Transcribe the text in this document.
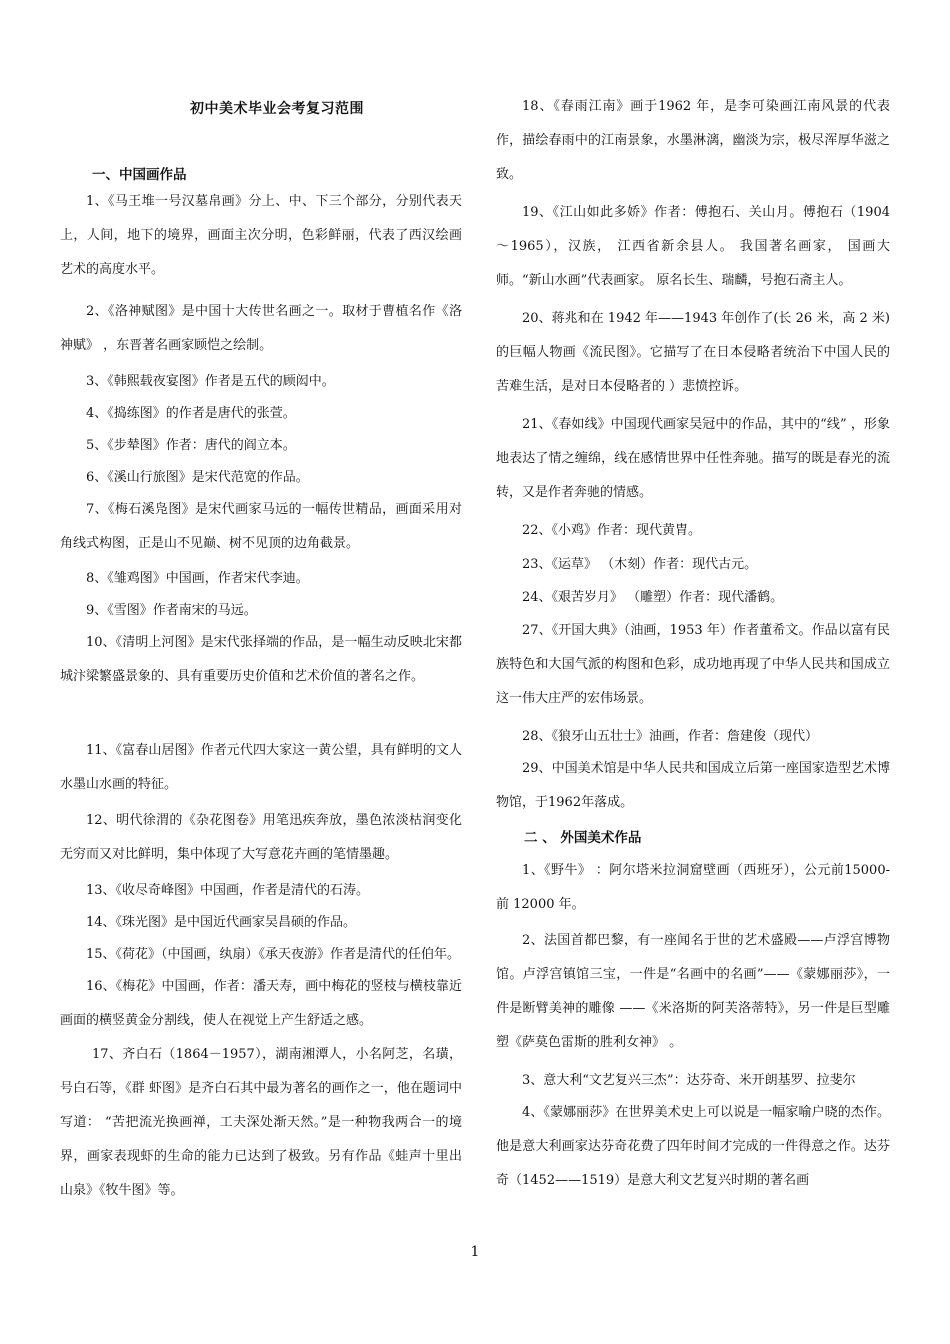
初中美术毕业会考复习范围
一、中国画作品
1、《马王堆一号汉墓帛画》分上、中、下三个部分，分别代表天上，人间，地下的境界，画面主次分明，色彩鲜丽，代表了西汉绘画艺术的高度水平。
2、《洛神赋图》是中国十大传世名画之一。取材于曹植名作《洛神赋》 ，东晋著名画家顾恺之绘制。
3、《韩熙载夜宴图》作者是五代的顾闳中。
4、《捣练图》的作者是唐代的张萱。
5、《步辇图》作者：唐代的阎立本。
6、《溪山行旅图》是宋代范宽的作品。
7、《梅石溪凫图》是宋代画家马远的一幅传世精品，画面采用对角线式构图，正是山不见巅、树不见顶的边角截景。
8、《雏鸡图》中国画，作者宋代李迪。
9、《雪图》作者南宋的马远。
10、《清明上河图》是宋代张择端的作品，是一幅生动反映北宋都城汴梁繁盛景象的、具有重要历史价值和艺术价值的著名之作。
11、《富春山居图》作者元代四大家这一黄公望，具有鲜明的文人水墨山水画的特征。
12、明代徐渭的《杂花图卷》用笔迅疾奔放，墨色浓淡枯润变化无穷而又对比鲜明，集中体现了大写意花卉画的笔情墨趣。
13、《收尽奇峰图》中国画，作者是清代的石涛。
14、《珠光图》是中国近代画家吴昌硕的作品。
15、《荷花》（中国画，纨扇）《承天夜游》作者是清代的任伯年。
16、《梅花》中国画，作者：潘天寿，画中梅花的竖枝与横枝靠近画面的横竖黄金分割线，使人在视觉上产生舒适之感。
17、齐白石（1864－1957），湖南湘潭人，小名阿芝，名璜，号白石等，《群 虾图》是齐白石其中最为著名的画作之一，他在题词中写道： “苦把流光换画禅，工夫深处渐天然。”是一种物我两合一的境界，画家表现虾的生命的能力已达到了极致。另有作品《蛙声十里出山泉》《牧牛图》等。
18、《春雨江南》画于1962 年，是李可染画江南风景的代表作，描绘春雨中的江南景象，水墨淋漓，幽淡为宗，极尽浑厚华滋之致。
19、《江山如此多娇》作者：傅抱石、关山月。傅抱石（1904～1965），汉族， 江西省新余县人。 我国著名画家， 国画大师。“新山水画”代表画家。 原名长生、瑞麟，号抱石斋主人。
20、蒋兆和在 1942 年——1943 年创作了(长 26 米，高 2 米)的巨幅人物画《流民图》。它描写了在日本侵略者统治下中国人民的苦难生活，是对日本侵略者的 ）悲愤控诉。
21、《春如线》中国现代画家吴冠中的作品，其中的“线” ，形象地表达了情之缠绵，线在感情世界中任性奔驰。描写的既是春光的流转，又是作者奔驰的情感。
22、《小鸡》作者：现代黄胄。
23、《运草》 （木刻）作者：现代古元。
24、《艰苦岁月》 （雕塑）作者：现代潘鹤。
27、《开国大典》（油画，1953 年）作者董希文。作品以富有民族特色和大国气派的构图和色彩，成功地再现了中华人民共和国成立这一伟大庄严的宏伟场景。
28、《狼牙山五壮士》油画，作者：詹建俊（现代）
29、中国美术馆是中华人民共和国成立后第一座国家造型艺术博物馆，于1962年落成。
二 、 外国美术作品
1、《野牛》 ：阿尔塔米拉洞窟壁画（西班牙），公元前15000-前 12000 年。
2、法国首都巴黎，有一座闻名于世的艺术盛殿——卢浮宫博物馆。卢浮宫镇馆三宝，一件是“名画中的名画”——《蒙娜丽莎》，一件是断臂美神的雕像 ——《米洛斯的阿芙洛蒂特》，另一件是巨型雕塑《萨莫色雷斯的胜利女神》 。
3、意大利“文艺复兴三杰”：达芬奇、米开朗基罗、拉斐尔
4、《蒙娜丽莎》在世界美术史上可以说是一幅家喻户晓的杰作。他是意大利画家达芬奇花费了四年时间才完成的一件得意之作。达芬奇（1452——1519）是意大利文艺复兴时期的著名画
1
